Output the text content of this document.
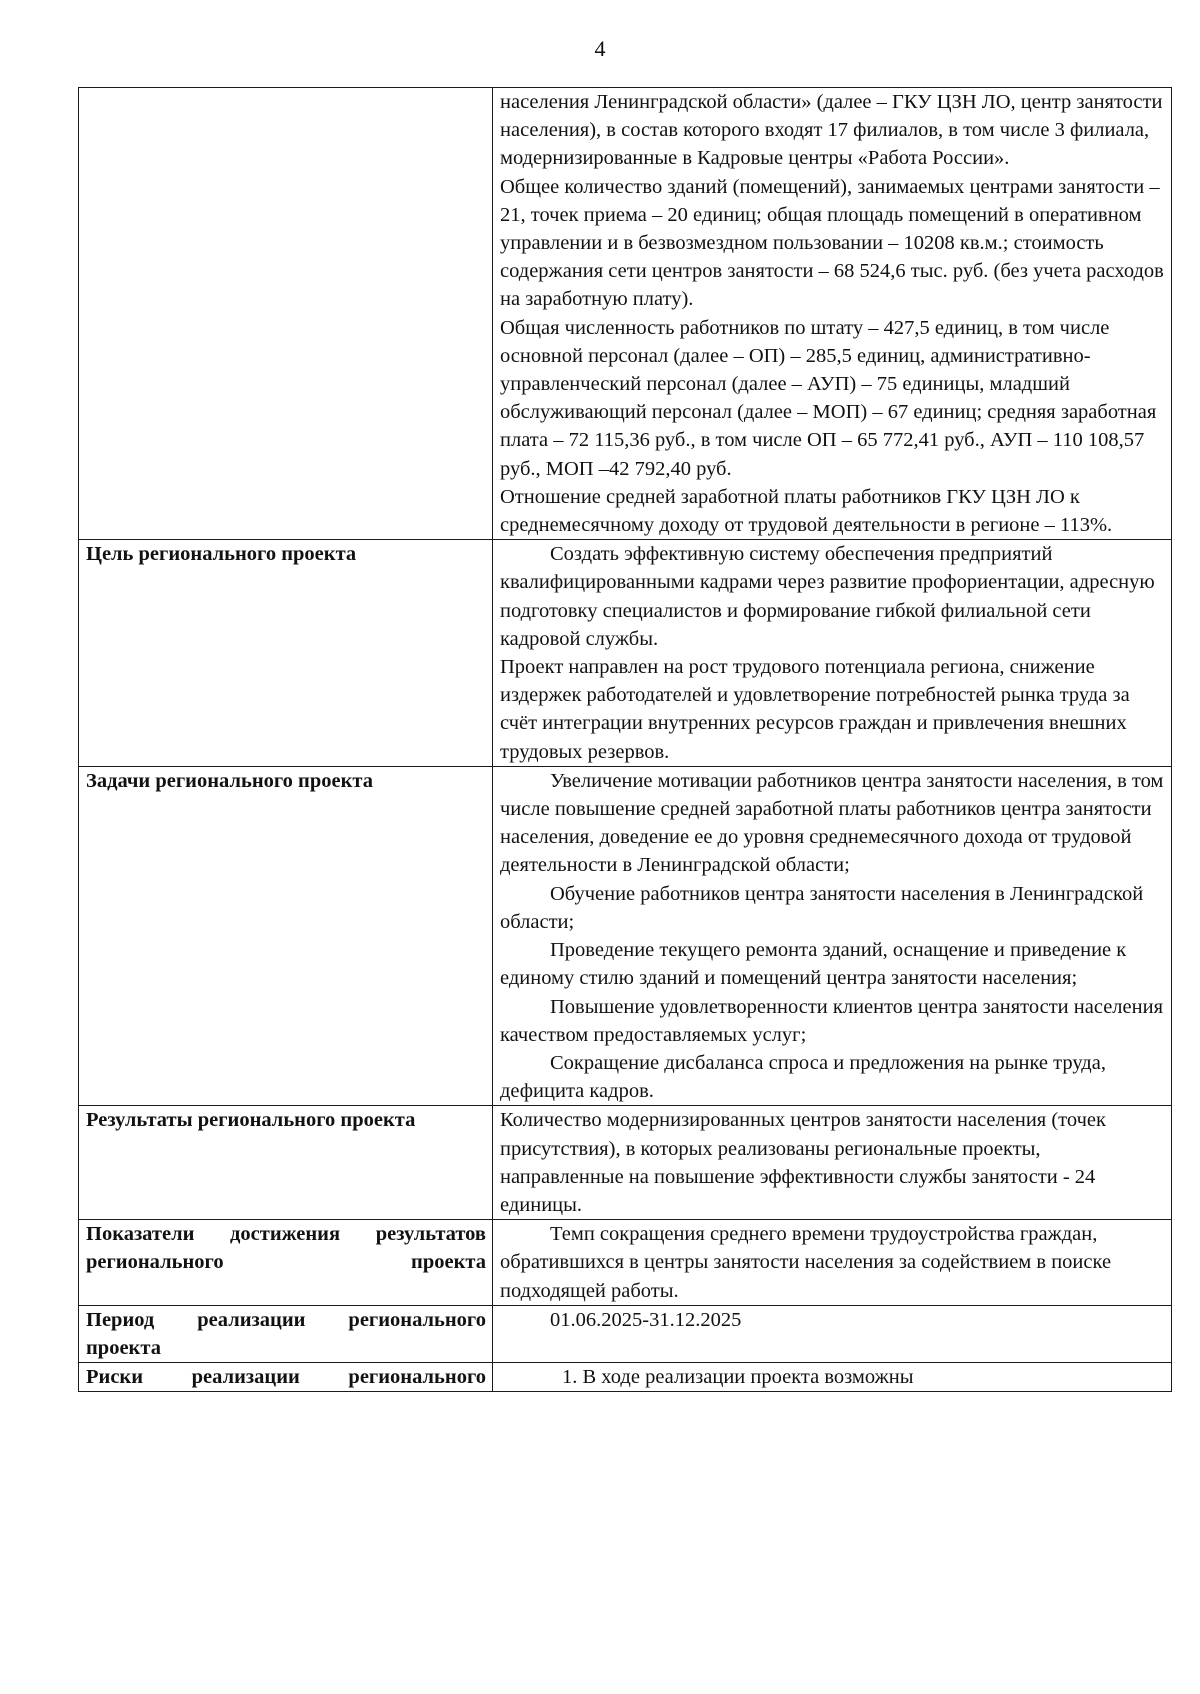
4

	населения Ленинградской области» (далее – ГКУ ЦЗН ЛО, центр занятости населения), в состав которого входят 17 филиалов, в том числе 3 филиала, модернизированные в Кадровые центры «Работа России».

Общее количество зданий (помещений), занимаемых центрами занятости – 21, точек приема – 20 единиц; общая площадь помещений в оперативном управлении и в безвозмездном пользовании – 10208 кв.м.; стоимость содержания сети центров занятости – 68 524,6 тыс. руб. (без учета расходов на заработную плату).

Общая численность работников по штату – 427,5 единиц, в том числе основной персонал (далее – ОП) – 285,5 единиц, административно-управленческий персонал (далее – АУП) – 75 единицы, младший обслуживающий персонал (далее – МОП) – 67 единиц; средняя заработная плата – 72 115,36 руб., в том числе ОП – 65 772,41 руб., АУП – 110 108,57 руб., МОП –42 792,40 руб.

Отношение средней заработной платы работников ГКУ ЦЗН ЛО к среднемесячному доходу от трудовой деятельности в регионе – 113%.

Цель регионального проекта	Создать эффективную систему обеспечения предприятий квалифицированными кадрами через развитие профориентации, адресную подготовку специалистов и формирование гибкой филиальной сети кадровой службы.

Проект направлен на рост трудового потенциала региона, снижение издержек работодателей и удовлетворение потребностей рынка труда за счёт интеграции внутренних ресурсов граждан и привлечения внешних трудовых резервов.

Задачи регионального проекта	Увеличение мотивации работников центра занятости населения, в том числе повышение средней заработной платы работников центра занятости населения, доведение ее до уровня среднемесячного дохода от трудовой деятельности в Ленинградской области;

Обучение работников центра занятости населения в Ленинградской области;

Проведение текущего ремонта зданий, оснащение и приведение к единому стилю зданий и помещений центра занятости населения;

Повышение удовлетворенности клиентов центра занятости населения качеством предоставляемых услуг;

Сокращение дисбаланса спроса и предложения на рынке труда, дефицита кадров.

Результаты регионального проекта	Количество модернизированных центров занятости населения (точек присутствия), в которых реализованы региональные проекты, направленные на повышение эффективности службы занятости - 24 единицы.

Показатели достижения результатов регионального проекта	Темп сокращения среднего времени трудоустройства граждан, обратившихся в центры занятости населения за содействием в поиске подходящей работы.

Период реализации регионального проекта	01.06.2025-31.12.2025

Риски реализации регионального	1. В ходе реализации проекта возможны
